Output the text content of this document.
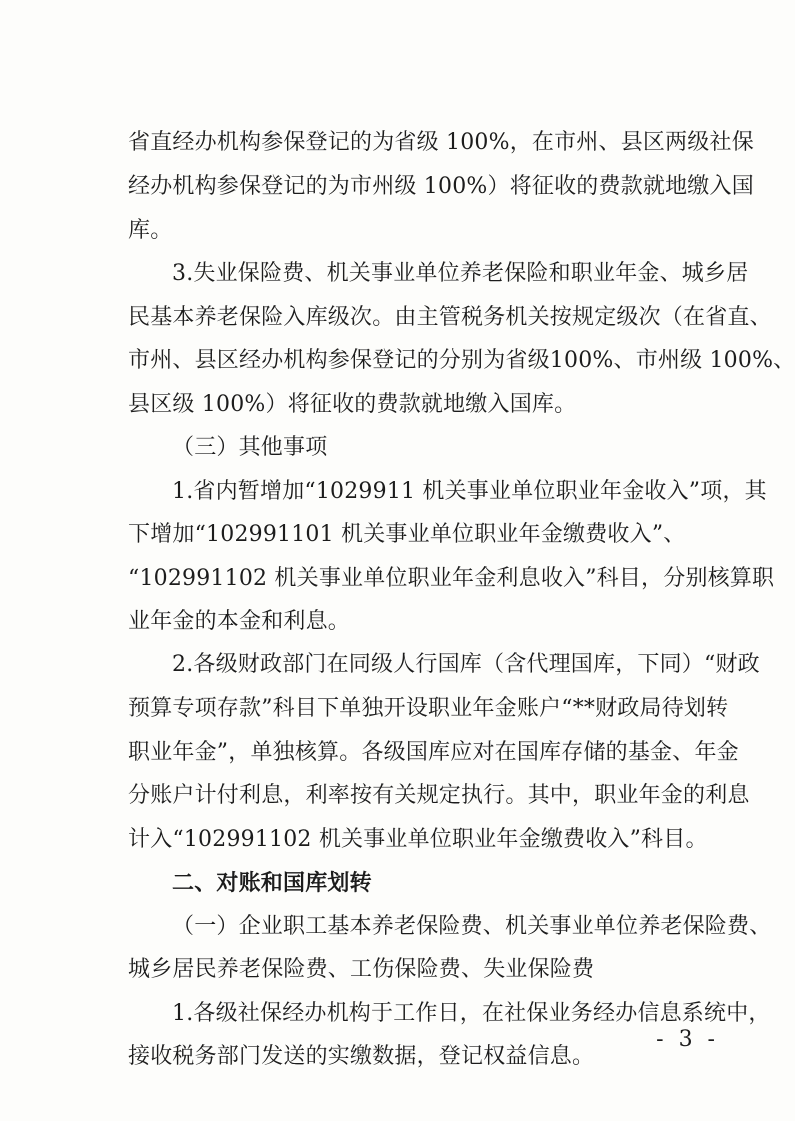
省直经办机构参保登记的为省级 100%，在市州、县区两级社保
经办机构参保登记的为市州级 100%）将征收的费款就地缴入国
库。
3.失业保险费、机关事业单位养老保险和职业年金、城乡居
民基本养老保险入库级次。由主管税务机关按规定级次（在省直、
市州、县区经办机构参保登记的分别为省级100%、市州级 100%、
县区级 100%）将征收的费款就地缴入国库。
（三）其他事项
1.省内暂增加“1029911 机关事业单位职业年金收入”项，其
下增加“102991101 机关事业单位职业年金缴费收入”、
“102991102 机关事业单位职业年金利息收入”科目，分别核算职
业年金的本金和利息。
2.各级财政部门在同级人行国库（含代理国库，下同）“财政
预算专项存款”科目下单独开设职业年金账户“**财政局待划转
职业年金”，单独核算。各级国库应对在国库存储的基金、年金
分账户计付利息，利率按有关规定执行。其中，职业年金的利息
计入“102991102 机关事业单位职业年金缴费收入”科目。
二、对账和国库划转
（一）企业职工基本养老保险费、机关事业单位养老保险费、
城乡居民养老保险费、工伤保险费、失业保险费
1.各级社保经办机构于工作日，在社保业务经办信息系统中，
接收税务部门发送的实缴数据，登记权益信息。
- 3 -
